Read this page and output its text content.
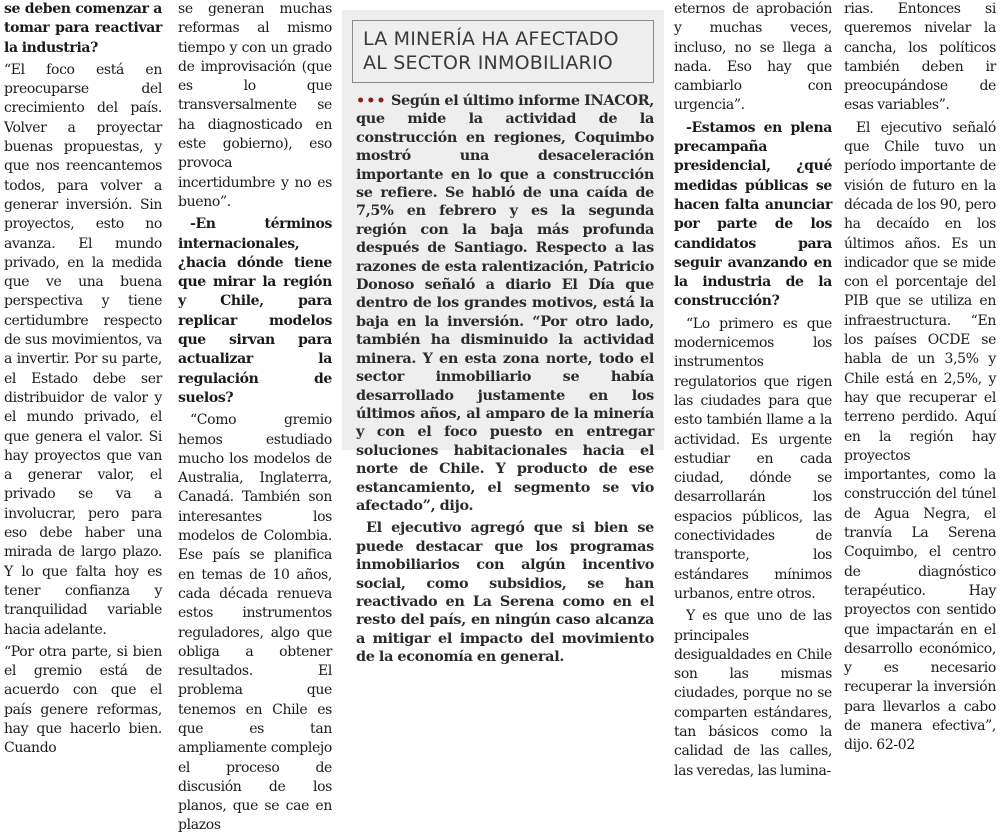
se deben comenzar a tomar para reactivar la industria?

“El foco está en preocuparse del crecimiento del país. Volver a proyectar buenas propuestas, y que nos reencantemos todos, para volver a generar inversión. Sin proyectos, esto no avanza. El mundo privado, en la medida que ve una buena perspectiva y tiene certidumbre respecto de sus movimientos, va a invertir. Por su parte, el Estado debe ser distribuidor de valor y el mundo privado, el que genera el valor. Si hay proyectos que van a generar valor, el privado se va a involucrar, pero para eso debe haber una mirada de largo plazo. Y lo que falta hoy es tener confianza y tranquilidad variable hacia adelante.

“Por otra parte, si bien el gremio está de acuerdo con que el país genere reformas, hay que hacerlo bien. Cuando

se generan muchas reformas al mismo tiempo y con un grado de improvisación (que es lo que transversalmente se ha diagnosticado en este gobierno), eso provoca incertidumbre y no es bueno”.

-En términos internacionales, ¿hacia dónde tiene que mirar la región y Chile, para replicar modelos que sirvan para actualizar la regulación de suelos?

“Como gremio hemos estudiado mucho los modelos de Australia, Inglaterra, Canadá. También son interesantes los modelos de Colombia. Ese país se planifica en temas de 10 años, cada década renueva estos instrumentos reguladores, algo que obliga a obtener resultados. El problema que tenemos en Chile es que es tan ampliamente complejo el proceso de discusión de los planos, que se cae en plazos

LA MINERÍA HA AFECTADO AL SECTOR INMOBILIARIO

••• Según el último informe INACOR, que mide la actividad de la construcción en regiones, Coquimbo mostró una desaceleración importante en lo que a construcción se refiere. Se habló de una caída de 7,5% en febrero y es la segunda región con la baja más profunda después de Santiago. Respecto a las razones de esta ralentización, Patricio Donoso señaló a diario El Día que dentro de los grandes motivos, está la baja en la inversión. “Por otro lado, también ha disminuido la actividad minera. Y en esta zona norte, todo el sector inmobiliario se había desarrollado justamente en los últimos años, al amparo de la minería y con el foco puesto en entregar soluciones habitacionales hacia el norte de Chile. Y producto de ese estancamiento, el segmento se vio afectado”, dijo.

El ejecutivo agregó que si bien se puede destacar que los programas inmobiliarios con algún incentivo social, como subsidios, se han reactivado en La Serena como en el resto del país, en ningún caso alcanza a mitigar el impacto del movimiento de la economía en general.

eternos de aprobación y muchas veces, incluso, no se llega a nada. Eso hay que cambiarlo con urgencia”.

-Estamos en plena precampaña presidencial, ¿qué medidas públicas se hacen falta anunciar por parte de los candidatos para seguir avanzando en la industria de la construcción?

“Lo primero es que modernicemos los instrumentos regulatorios que rigen las ciudades para que esto también llame a la actividad. Es urgente estudiar en cada ciudad, dónde se desarrollarán los espacios públicos, las conectividades de transporte, los estándares mínimos urbanos, entre otros.

Y es que uno de las principales desigualdades en Chile son las mismas ciudades, porque no se comparten estándares, tan básicos como la calidad de las calles, las veredas, las lumina-

rias. Entonces si queremos nivelar la cancha, los políticos también deben ir preocupándose de esas variables”.

El ejecutivo señaló que Chile tuvo un período importante de visión de futuro en la década de los 90, pero ha decaído en los últimos años. Es un indicador que se mide con el porcentaje del PIB que se utiliza en infraestructura. “En los países OCDE se habla de un 3,5% y Chile está en 2,5%, y hay que recuperar el terreno perdido. Aquí en la región hay proyectos importantes, como la construcción del túnel de Agua Negra, el tranvía La Serena Coquimbo, el centro de diagnóstico terapéutico. Hay proyectos con sentido que impactarán en el desarrollo económico, y es necesario recuperar la inversión para llevarlos a cabo de manera efectiva”, dijo. 62-02
